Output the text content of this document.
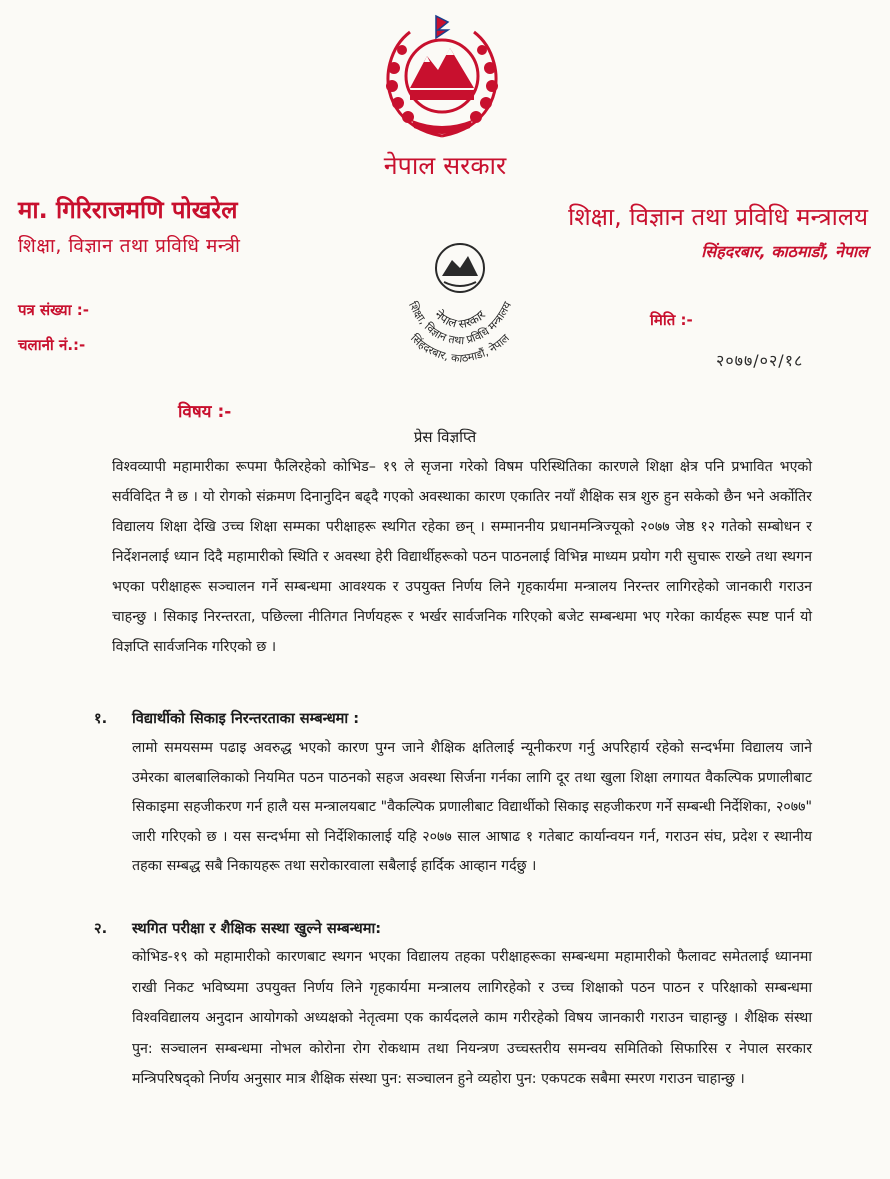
नेपाल सरकार
मा. गिरिराजमणि पोखरेल
शिक्षा, विज्ञान तथा प्रविधि मन्त्री
शिक्षा, विज्ञान तथा प्रविधि मन्त्रालय
सिंहदरबार, काठमाडौं, नेपाल
नेपाल सरकार
शिक्षा, विज्ञान तथा प्रविधि मन्त्रालय
सिंहदरबार, काठमाडौं, नेपाल
पत्र संख्या :-
चलानी नं.:-
मिति :-
२०७७/०२/१८
विषय :-
प्रेस विज्ञप्ति
विश्वव्यापी महामारीका रूपमा फैलिरहेको कोभिड– १९ ले सृजना गरेको विषम परिस्थितिका कारणले शिक्षा क्षेत्र पनि प्रभावित भएको सर्वविदित नै छ । यो रोगको संक्रमण दिनानुदिन बढ्दै गएको अवस्थाका कारण एकातिर नयाँ शैक्षिक सत्र शुरु हुन सकेको छैन भने अर्कोतिर विद्यालय शिक्षा देखि उच्च शिक्षा सम्मका परीक्षाहरू स्थगित रहेका छन् । सम्माननीय प्रधानमन्त्रिज्यूको २०७७ जेष्ठ १२ गतेको सम्बोधन र निर्देशनलाई ध्यान दिदै महामारीको स्थिति र अवस्था हेरी विद्यार्थीहरूको पठन पाठनलाई विभिन्न माध्यम प्रयोग गरी सुचारू राख्ने तथा स्थगन भएका परीक्षाहरू सञ्चालन गर्ने सम्बन्धमा आवश्यक र उपयुक्त निर्णय लिने गृहकार्यमा मन्त्रालय निरन्तर लागिरहेको जानकारी गराउन चाहन्छु । सिकाइ निरन्तरता, पछिल्ला नीतिगत निर्णयहरू र भर्खर सार्वजनिक गरिएको बजेट सम्बन्धमा भए गरेका कार्यहरू स्पष्ट पार्न यो विज्ञप्ति सार्वजनिक गरिएको छ ।
१. विद्यार्थीको सिकाइ निरन्तरताका सम्बन्धमा :
लामो समयसम्म पढाइ अवरुद्ध भएको कारण पुग्न जाने शैक्षिक क्षतिलाई न्यूनीकरण गर्नु अपरिहार्य रहेको सन्दर्भमा विद्यालय जाने उमेरका बालबालिकाको नियमित पठन पाठनको सहज अवस्था सिर्जना गर्नका लागि दूर तथा खुला शिक्षा लगायत वैकल्पिक प्रणालीबाट सिकाइमा सहजीकरण गर्न हालै यस मन्त्रालयबाट "वैकल्पिक प्रणालीबाट विद्यार्थीको सिकाइ सहजीकरण गर्ने सम्बन्धी निर्देशिका, २०७७" जारी गरिएको छ । यस सन्दर्भमा सो निर्देशिकालाई यहि २०७७ साल आषाढ १ गतेबाट कार्यान्वयन गर्न, गराउन संघ, प्रदेश र स्थानीय तहका सम्बद्ध सबै निकायहरू तथा सरोकारवाला सबैलाई हार्दिक आव्हान गर्दछु ।
२. स्थगित परीक्षा र शैक्षिक सस्था खुल्ने सम्बन्धमा:
कोभिड-१९ को महामारीको कारणबाट स्थगन भएका विद्यालय तहका परीक्षाहरूका सम्बन्धमा महामारीको फैलावट समेतलाई ध्यानमा राखी निकट भविष्यमा उपयुक्त निर्णय लिने गृहकार्यमा मन्त्रालय लागिरहेको र उच्च शिक्षाको पठन पाठन र परिक्षाको सम्बन्धमा विश्वविद्यालय अनुदान आयोगको अध्यक्षको नेतृत्वमा एक कार्यदलले काम गरीरहेको विषय जानकारी गराउन चाहान्छु । शैक्षिक संस्था पुन: सञ्चालन सम्बन्धमा नोभल कोरोना रोग रोकथाम तथा नियन्त्रण उच्चस्तरीय समन्वय समितिको सिफारिस र नेपाल सरकार मन्त्रिपरिषद्को निर्णय अनुसार मात्र शैक्षिक संस्था पुन: सञ्चालन हुने व्यहोरा पुन: एकपटक सबैमा स्मरण गराउन चाहान्छु ।
